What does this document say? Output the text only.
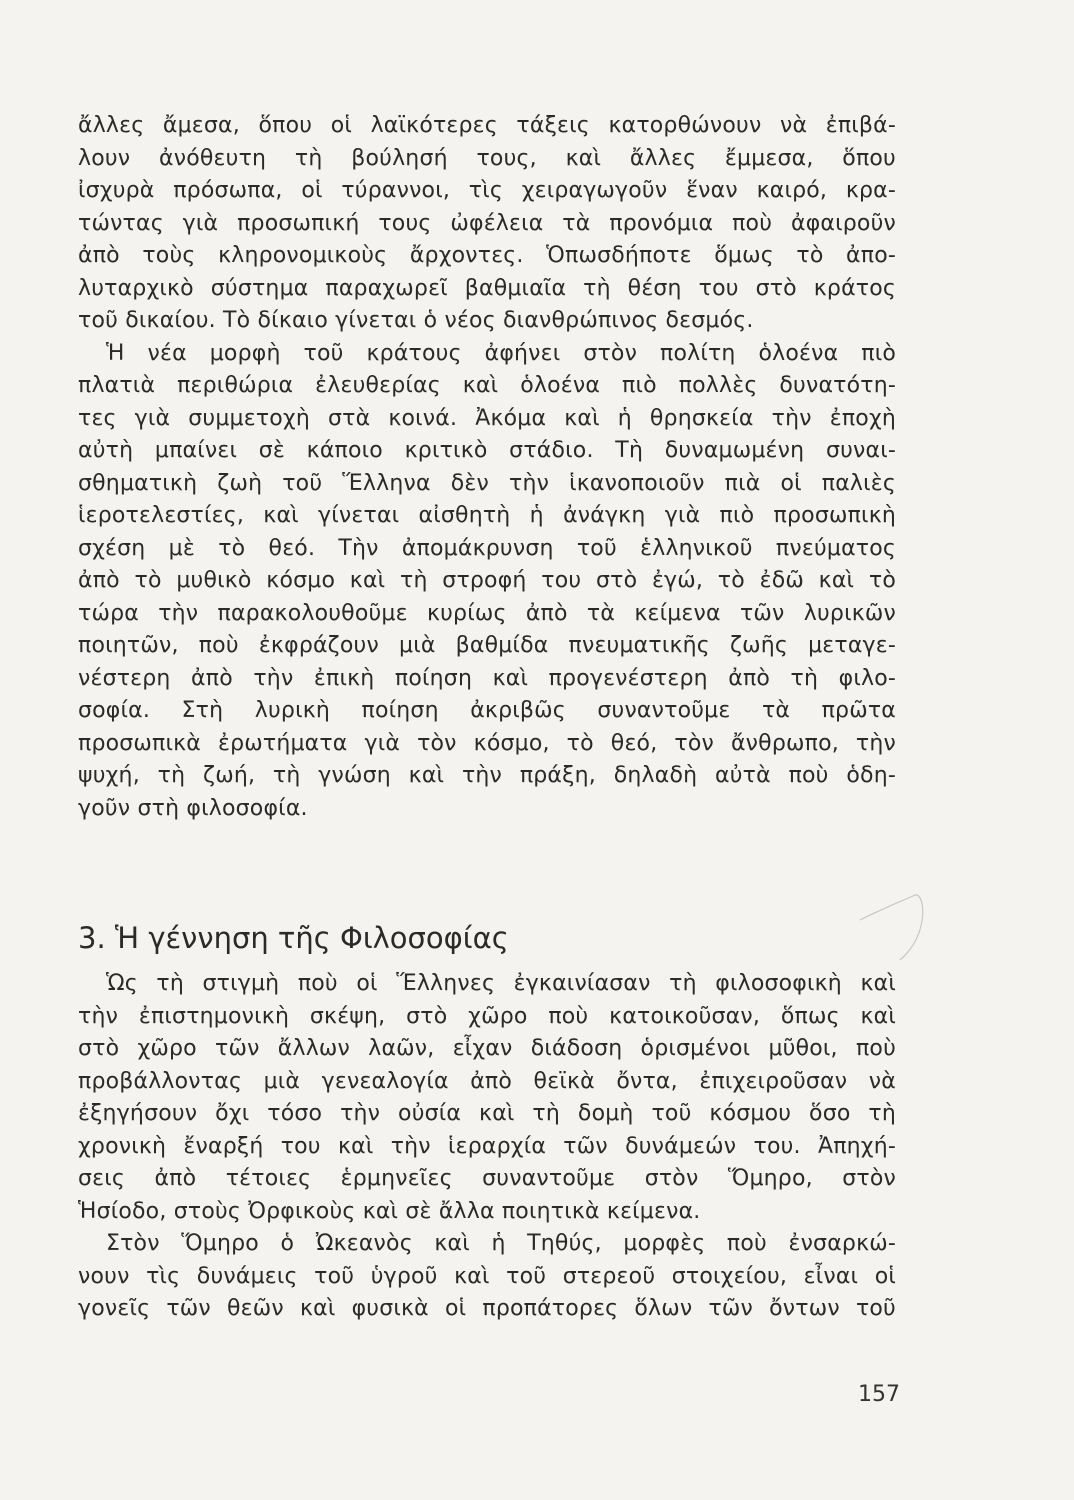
ἄλλες ἄμεσα, ὅπου οἱ λαϊκότερες τάξεις κατορθώνουν νὰ ἐπιβά-
λουν ἀνόθευτη τὴ βούλησή τους, καὶ ἄλλες ἔμμεσα, ὅπου
ἰσχυρὰ πρόσωπα, οἱ τύραννοι, τὶς χειραγωγοῦν ἕναν καιρό, κρα-
τώντας γιὰ προσωπική τους ὠφέλεια τὰ προνόμια ποὺ ἀφαιροῦν
ἀπὸ τοὺς κληρονομικοὺς ἄρχοντες. Ὁπωσδήποτε ὅμως τὸ ἀπο-
λυταρχικὸ σύστημα παραχωρεῖ βαθμιαῖα τὴ θέση του στὸ κράτος
τοῦ δικαίου. Τὸ δίκαιο γίνεται ὁ νέος διανθρώπινος δεσμός.
Ἡ νέα μορφὴ τοῦ κράτους ἀφήνει στὸν πολίτη ὁλοένα πιὸ
πλατιὰ περιθώρια ἐλευθερίας καὶ ὁλοένα πιὸ πολλὲς δυνατότη-
τες γιὰ συμμετοχὴ στὰ κοινά. Ἀκόμα καὶ ἡ θρησκεία τὴν ἐποχὴ
αὐτὴ μπαίνει σὲ κάποιο κριτικὸ στάδιο. Τὴ δυναμωμένη συναι-
σθηματικὴ ζωὴ τοῦ Ἕλληνα δὲν τὴν ἱκανοποιοῦν πιὰ οἱ παλιὲς
ἱεροτελεστίες, καὶ γίνεται αἰσθητὴ ἡ ἀνάγκη γιὰ πιὸ προσωπικὴ
σχέση μὲ τὸ θεό. Τὴν ἀπομάκρυνση τοῦ ἑλληνικοῦ πνεύματος
ἀπὸ τὸ μυθικὸ κόσμο καὶ τὴ στροφή του στὸ ἐγώ, τὸ ἐδῶ καὶ τὸ
τώρα τὴν παρακολουθοῦμε κυρίως ἀπὸ τὰ κείμενα τῶν λυρικῶν
ποιητῶν, ποὺ ἐκφράζουν μιὰ βαθμίδα πνευματικῆς ζωῆς μεταγε-
νέστερη ἀπὸ τὴν ἐπικὴ ποίηση καὶ προγενέστερη ἀπὸ τὴ φιλο-
σοφία. Στὴ λυρικὴ ποίηση ἀκριβῶς συναντοῦμε τὰ πρῶτα
προσωπικὰ ἐρωτήματα γιὰ τὸν κόσμο, τὸ θεό, τὸν ἄνθρωπο, τὴν
ψυχή, τὴ ζωή, τὴ γνώση καὶ τὴν πράξη, δηλαδὴ αὐτὰ ποὺ ὁδη-
γοῦν στὴ φιλοσοφία.
3. Ἡ γέννηση τῆς Φιλοσοφίας
Ὡς τὴ στιγμὴ ποὺ οἱ Ἕλληνες ἐγκαινίασαν τὴ φιλοσοφικὴ καὶ
τὴν ἐπιστημονικὴ σκέψη, στὸ χῶρο ποὺ κατοικοῦσαν, ὅπως καὶ
στὸ χῶρο τῶν ἄλλων λαῶν, εἶχαν διάδοση ὁρισμένοι μῦθοι, ποὺ
προβάλλοντας μιὰ γενεαλογία ἀπὸ θεϊκὰ ὄντα, ἐπιχειροῦσαν νὰ
ἐξηγήσουν ὄχι τόσο τὴν οὐσία καὶ τὴ δομὴ τοῦ κόσμου ὅσο τὴ
χρονικὴ ἔναρξή του καὶ τὴν ἱεραρχία τῶν δυνάμεών του. Ἀπηχή-
σεις ἀπὸ τέτοιες ἑρμηνεῖες συναντοῦμε στὸν Ὅμηρο, στὸν
Ἡσίοδο, στοὺς Ὀρφικοὺς καὶ σὲ ἄλλα ποιητικὰ κείμενα.
Στὸν Ὅμηρο ὁ Ὠκεανὸς καὶ ἡ Τηθύς, μορφὲς ποὺ ἐνσαρκώ-
νουν τὶς δυνάμεις τοῦ ὑγροῦ καὶ τοῦ στερεοῦ στοιχείου, εἶναι οἱ
γονεῖς τῶν θεῶν καὶ φυσικὰ οἱ προπάτορες ὅλων τῶν ὄντων τοῦ
157
